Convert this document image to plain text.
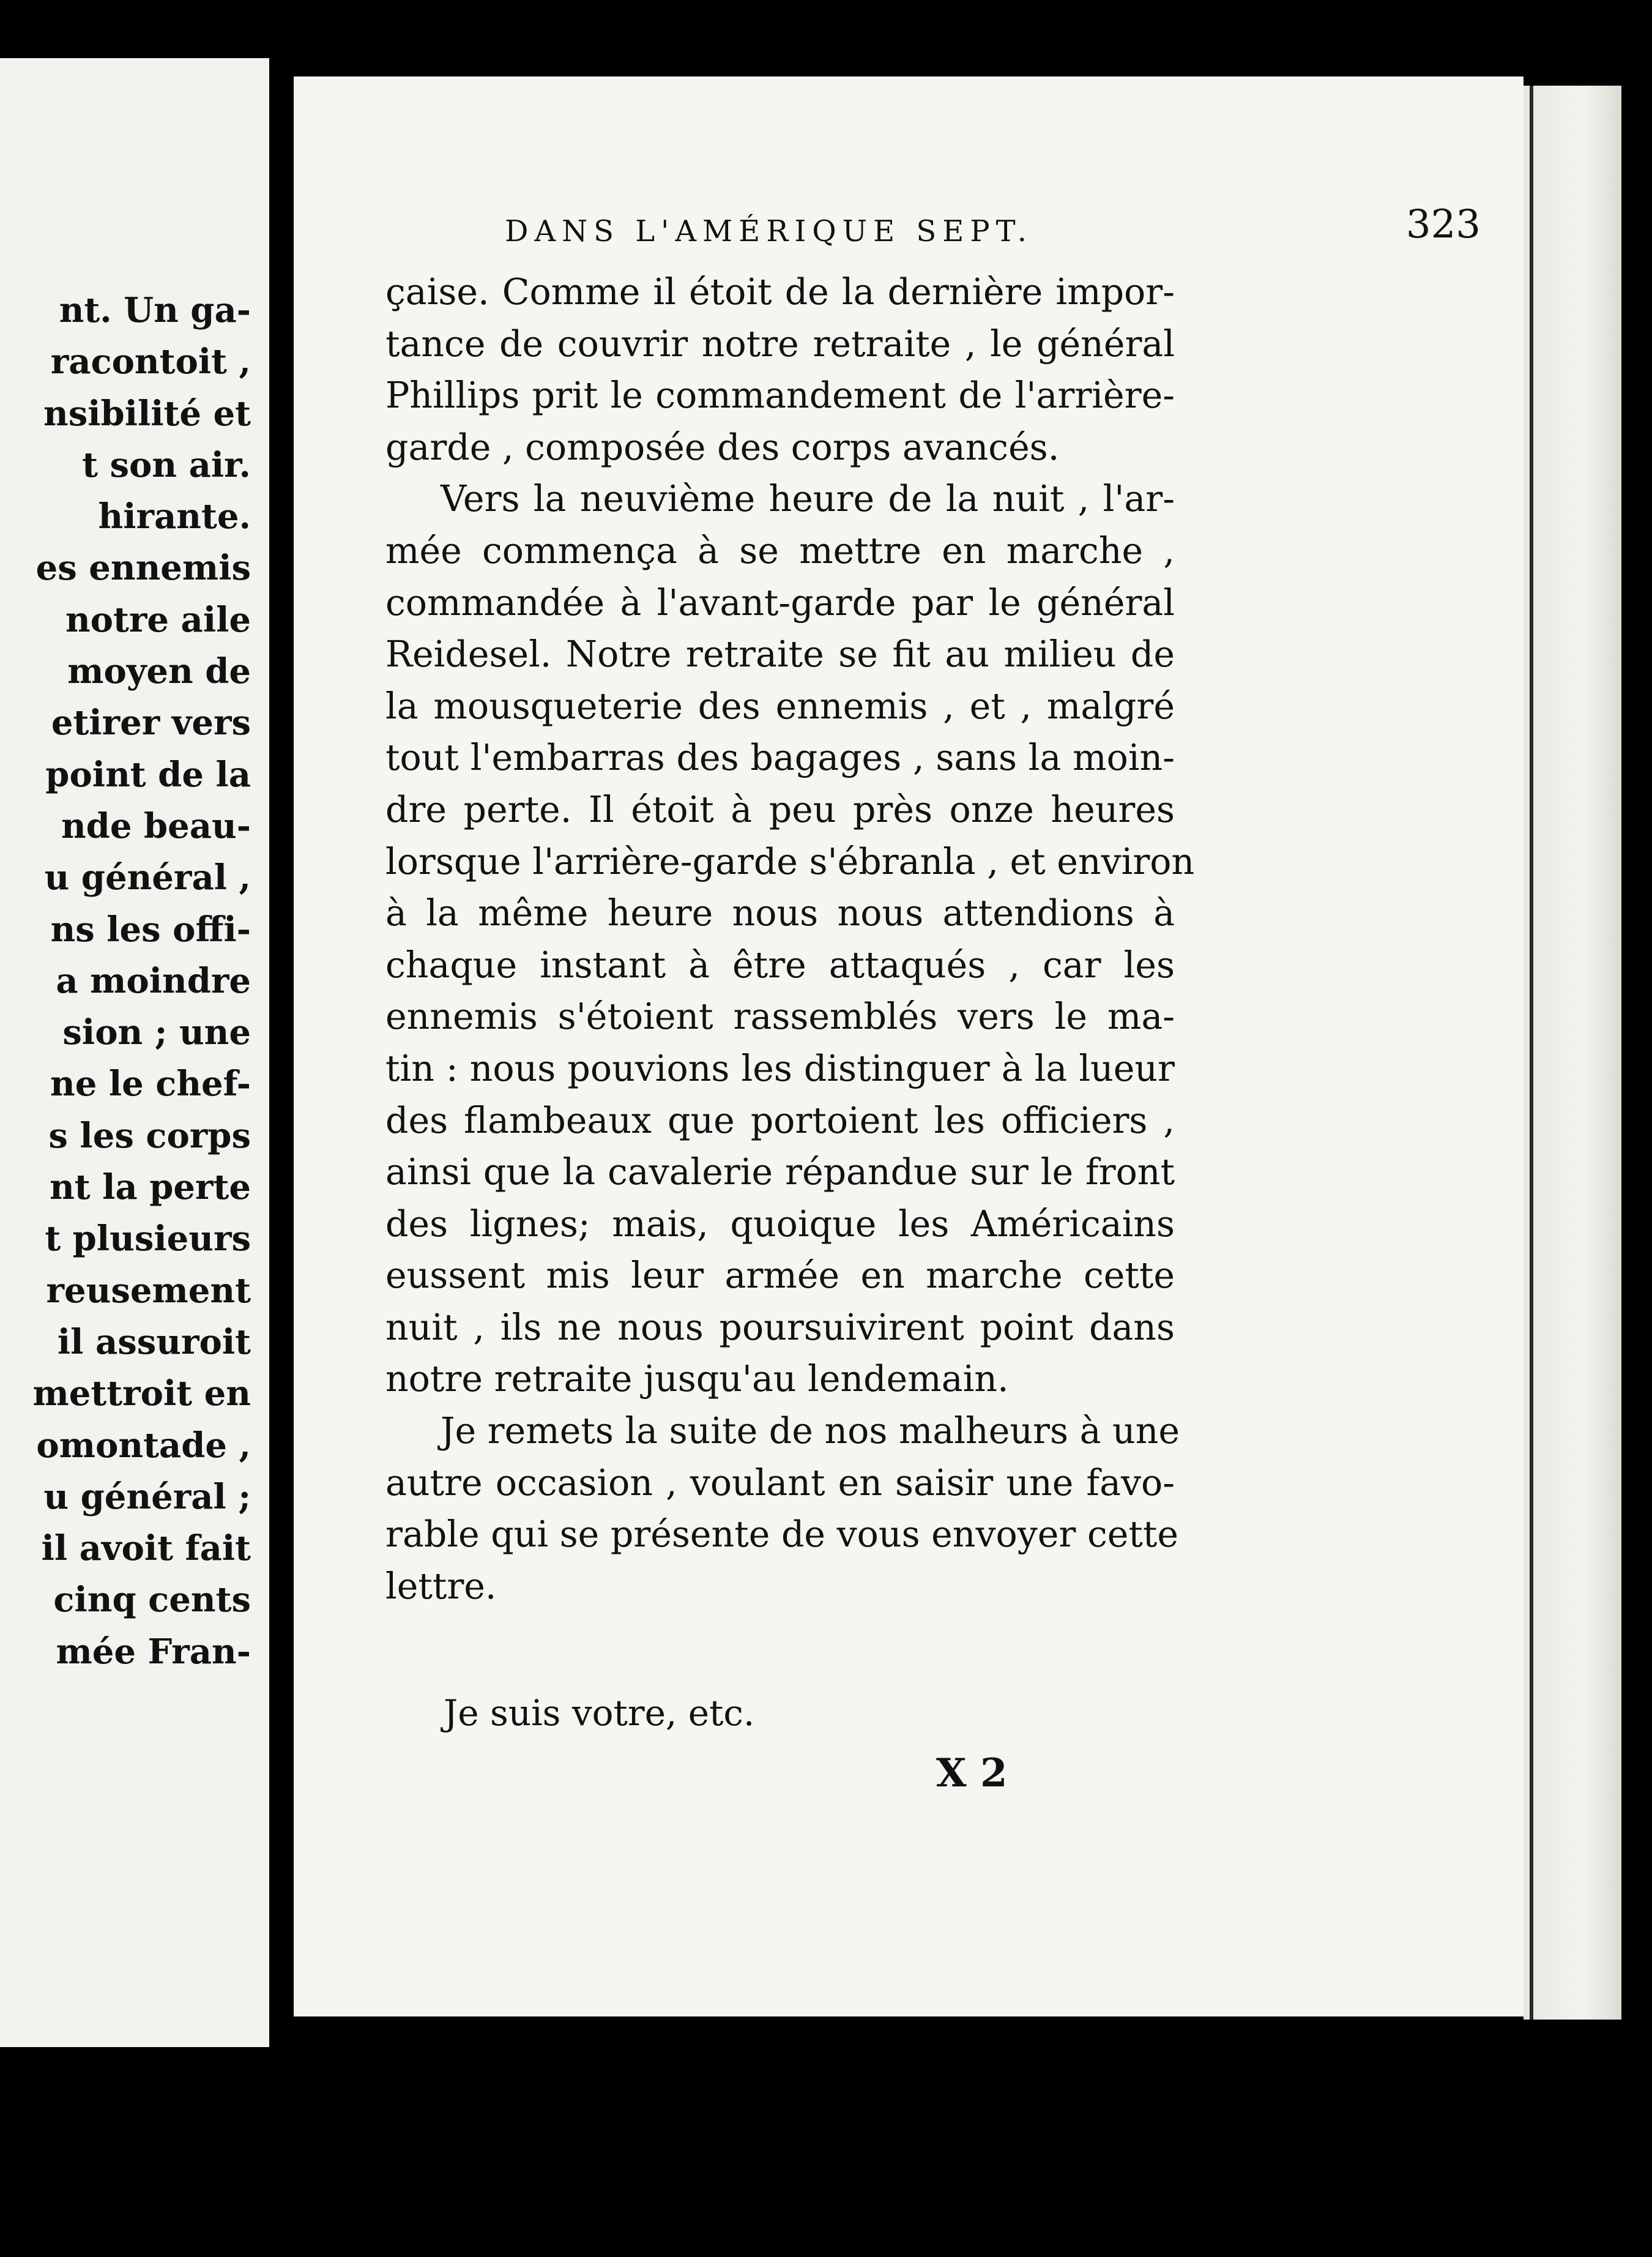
nt. Un ga-
racontoit ,
nsibilité et
t son air.
hirante.
es ennemis
notre aile
moyen de
etirer vers
point de la
nde beau-
u général ,
ns les offi-
a moindre
sion ; une
ne le chef-
s les corps
nt la perte
t plusieurs
reusement
il assuroit
mettroit en
omontade ,
u général ;
il avoit fait
cinq cents
mée Fran-
DANS L'AMÉRIQUE SEPT.	323
çaise. Comme il étoit de la dernière impor-
tance de couvrir notre retraite , le général
Phillips prit le commandement de l'arrière-
garde , composée des corps avancés.
Vers la neuvième heure de la nuit , l'ar-
mée commença à se mettre en marche ,
commandée à l'avant-garde par le général
Reidesel. Notre retraite se fit au milieu de
la mousqueterie des ennemis , et , malgré
tout l'embarras des bagages , sans la moin-
dre perte. Il étoit à peu près onze heures
lorsque l'arrière-garde s'ébranla , et environ
à la même heure nous nous attendions à
chaque instant à être attaqués , car les
ennemis s'étoient rassemblés vers le ma-
tin : nous pouvions les distinguer à la lueur
des flambeaux que portoient les officiers ,
ainsi que la cavalerie répandue sur le front
des lignes; mais, quoique les Américains
eussent mis leur armée en marche cette
nuit , ils ne nous poursuivirent point dans
notre retraite jusqu'au lendemain.
Je remets la suite de nos malheurs à une
autre occasion , voulant en saisir une favo-
rable qui se présente de vous envoyer cette
lettre.
Je suis votre, etc.
X 2
